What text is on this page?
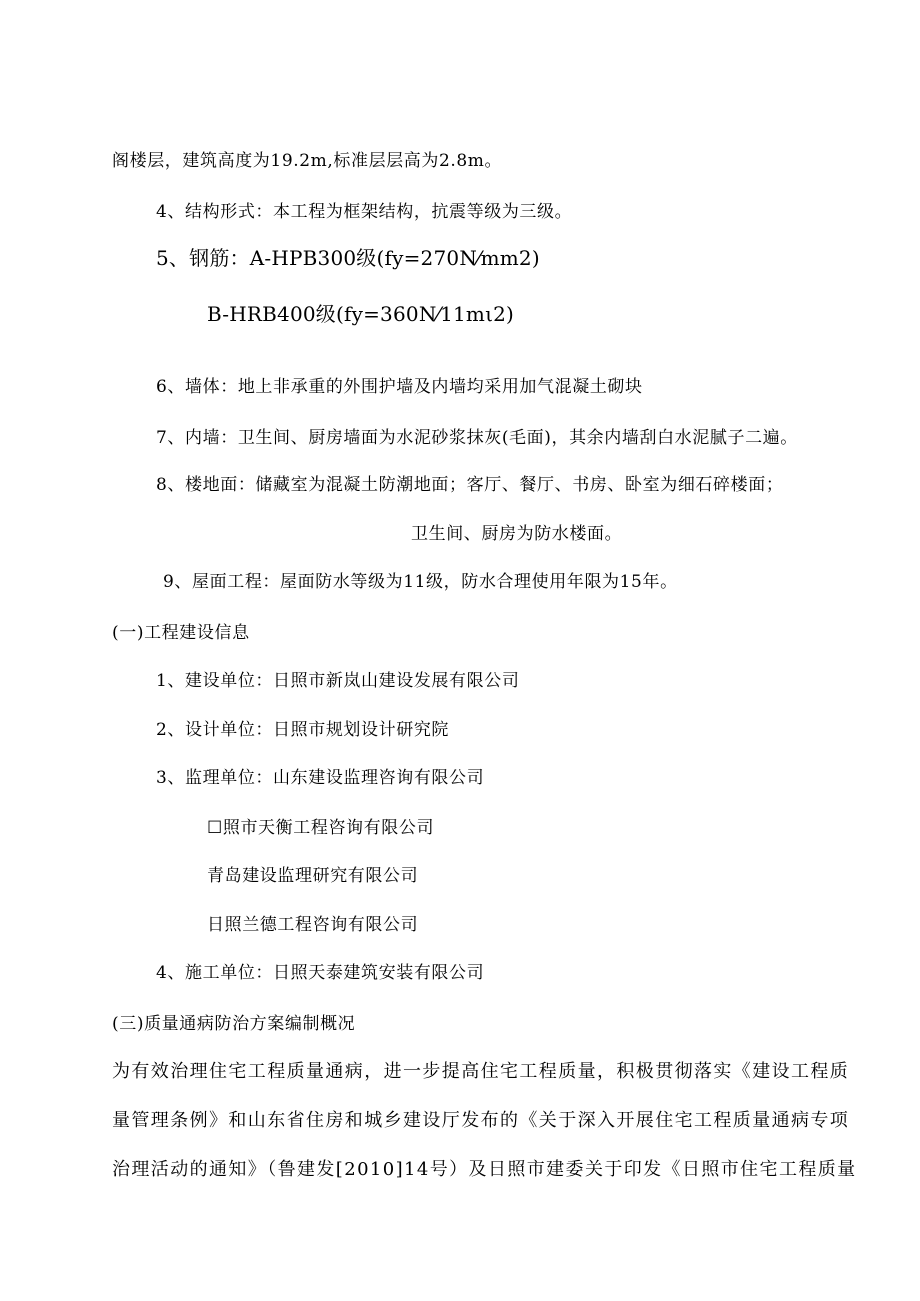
阁楼层，建筑高度为19.2m,标准层层高为2.8m。
4、结构形式：本工程为框架结构，抗震等级为三级。
5、钢筋：A-HPB300级(fy=270N⁄mm2)
B-HRB400级(fy=360N⁄11mι2)
6、墙体：地上非承重的外围护墙及内墙均采用加气混凝土砌块
7、内墙：卫生间、厨房墙面为水泥砂浆抹灰(毛面)，其余内墙刮白水泥腻子二遍。
8、楼地面：储藏室为混凝土防潮地面；客厅、餐厅、书房、卧室为细石碎楼面；
卫生间、厨房为防水楼面。
9、屋面工程：屋面防水等级为11级，防水合理使用年限为15年。
(一)工程建设信息
1、建设单位：日照市新岚山建设发展有限公司
2、设计单位：日照市规划设计研究院
3、监理单位：山东建设监理咨询有限公司
☐照市天衡工程咨询有限公司
青岛建设监理研究有限公司
日照兰德工程咨询有限公司
4、施工单位：日照天泰建筑安装有限公司
(三)质量通病防治方案编制概况
为有效治理住宅工程质量通病，进一步提高住宅工程质量，积极贯彻落实《建设工程质
量管理条例》和山东省住房和城乡建设厅发布的《关于深入开展住宅工程质量通病专项
治理活动的通知》（鲁建发[2010]14号）及日照市建委关于印发《日照市住宅工程质量
